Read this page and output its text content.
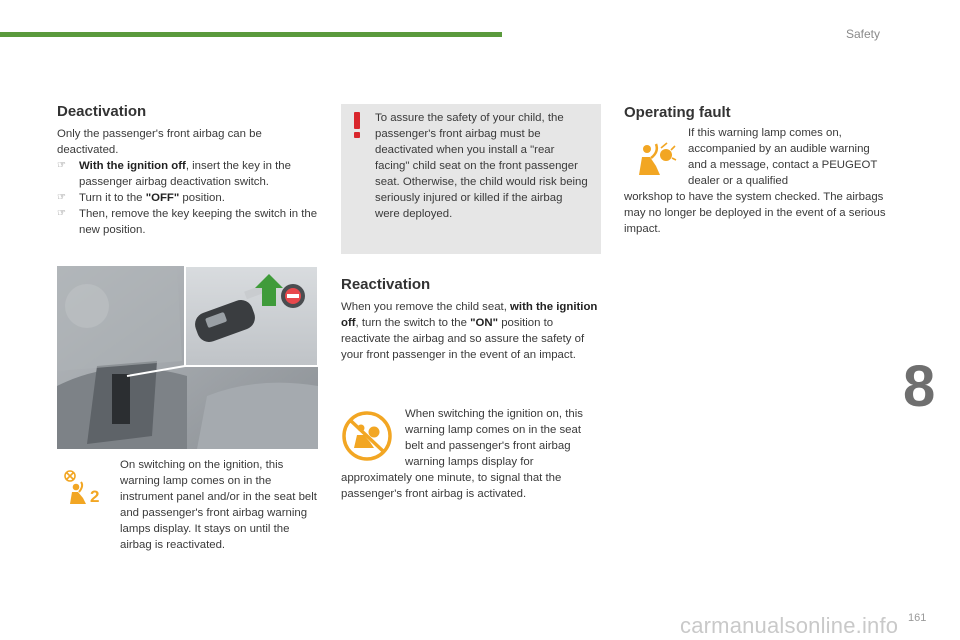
Safety
8
161
carmanualsonline.info
Deactivation
Only the passenger's front airbag can be deactivated.
☞ With the ignition off, insert the key in the passenger airbag deactivation switch.
☞ Turn it to the "OFF" position.
☞ Then, remove the key keeping the switch in the new position.
2
On switching on the ignition, this warning lamp comes on in the instrument panel and/or in the seat belt and passenger's front airbag warning lamps display. It stays on until the airbag is reactivated.
To assure the safety of your child, the passenger's front airbag must be deactivated when you install a "rear facing" child seat on the front passenger seat. Otherwise, the child would risk being seriously injured or killed if the airbag were deployed.
Reactivation
When you remove the child seat, with the ignition off, turn the switch to the "ON" position to reactivate the airbag and so assure the safety of your front passenger in the event of an impact.
When switching the ignition on, this warning lamp comes on in the seat belt and passenger's front airbag warning lamps display for
approximately one minute, to signal that the passenger's front airbag is activated.
Operating fault
If this warning lamp comes on, accompanied by an audible warning and a message, contact a PEUGEOT dealer or a qualified
workshop to have the system checked. The airbags may no longer be deployed in the event of a serious impact.
